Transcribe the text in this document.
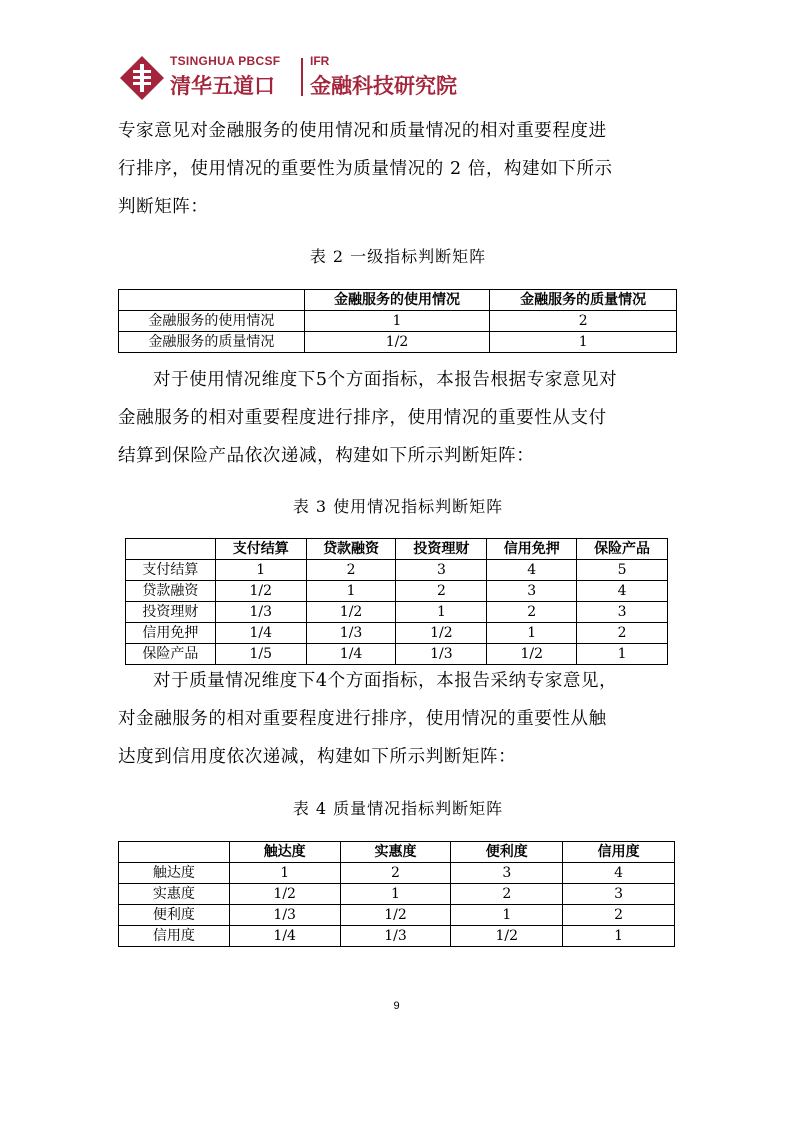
TSINGHUA PBCSF
清华五道口
IFR
金融科技研究院
专家意见对金融服务的使用情况和质量情况的相对重要程度进
行排序，使用情况的重要性为质量情况的 2 倍，构建如下所示
判断矩阵：
表 2 一级指标判断矩阵
	金融服务的使用情况	金融服务的质量情况
金融服务的使用情况	1	2
金融服务的质量情况	1/2	1
对于使用情况维度下5个方面指标，本报告根据专家意见对
金融服务的相对重要程度进行排序，使用情况的重要性从支付
结算到保险产品依次递减，构建如下所示判断矩阵：
表 3 使用情况指标判断矩阵
	支付结算	贷款融资	投资理财	信用免押	保险产品
支付结算	1	2	3	4	5
贷款融资	1/2	1	2	3	4
投资理财	1/3	1/2	1	2	3
信用免押	1/4	1/3	1/2	1	2
保险产品	1/5	1/4	1/3	1/2	1
对于质量情况维度下4个方面指标，本报告采纳专家意见，
对金融服务的相对重要程度进行排序，使用情况的重要性从触
达度到信用度依次递减，构建如下所示判断矩阵：
表 4 质量情况指标判断矩阵
	触达度	实惠度	便利度	信用度
触达度	1	2	3	4
实惠度	1/2	1	2	3
便利度	1/3	1/2	1	2
信用度	1/4	1/3	1/2	1
9
